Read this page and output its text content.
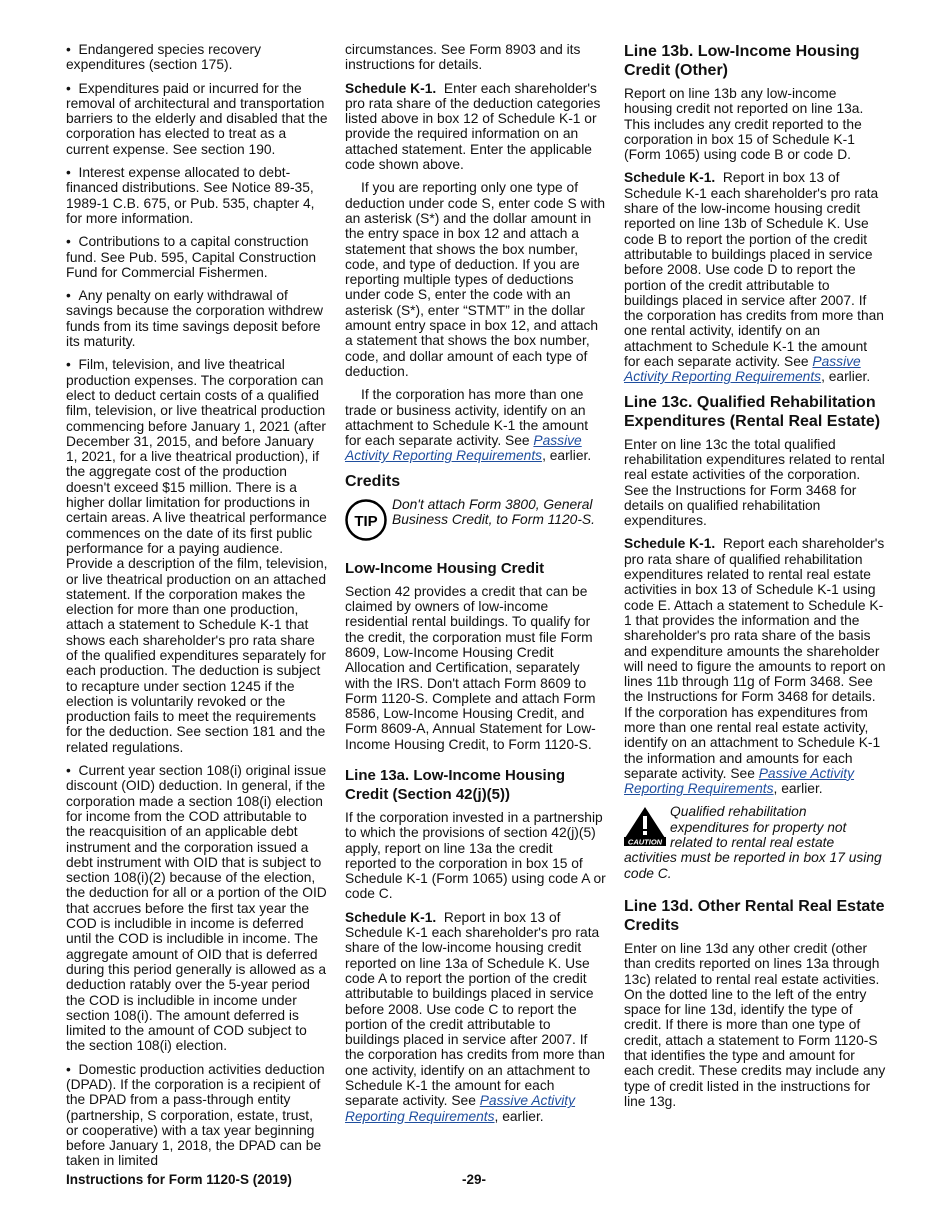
•  Endangered species recovery expenditures (section 175).

•  Expenditures paid or incurred for the removal of architectural and transportation barriers to the elderly and disabled that the corporation has elected to treat as a current expense. See section 190.

•  Interest expense allocated to debt-financed distributions. See Notice 89-35, 1989-1 C.B. 675, or Pub. 535, chapter 4, for more information.

•  Contributions to a capital construction fund. See Pub. 595, Capital Construction Fund for Commercial Fishermen.

•  Any penalty on early withdrawal of savings because the corporation withdrew funds from its time savings deposit before its maturity.

•  Film, television, and live theatrical production expenses. The corporation can elect to deduct certain costs of a qualified film, television, or live theatrical production commencing before January 1, 2021 (after December 31, 2015, and before January 1, 2021, for a live theatrical production), if the aggregate cost of the production doesn't exceed $15 million. There is a higher dollar limitation for productions in certain areas. A live theatrical performance commences on the date of its first public performance for a paying audience. Provide a description of the film, television, or live theatrical production on an attached statement. If the corporation makes the election for more than one production, attach a statement to Schedule K-1 that shows each shareholder's pro rata share of the qualified expenditures separately for each production. The deduction is subject to recapture under section 1245 if the election is voluntarily revoked or the production fails to meet the requirements for the deduction. See section 181 and the related regulations.

•  Current year section 108(i) original issue discount (OID) deduction. In general, if the corporation made a section 108(i) election for income from the COD attributable to the reacquisition of an applicable debt instrument and the corporation issued a debt instrument with OID that is subject to section 108(i)(2) because of the election, the deduction for all or a portion of the OID that accrues before the first tax year the COD is includible in income is deferred until the COD is includible in income. The aggregate amount of OID that is deferred during this period generally is allowed as a deduction ratably over the 5-year period the COD is includible in income under section 108(i). The amount deferred is limited to the amount of COD subject to the section 108(i) election.

•  Domestic production activities deduction (DPAD). If the corporation is a recipient of the DPAD from a pass-through entity (partnership, S corporation, estate, trust, or cooperative) with a tax year beginning before January 1, 2018, the DPAD can be taken in limited

circumstances. See Form 8903 and its instructions for details.

Schedule K-1. Enter each shareholder's pro rata share of the deduction categories listed above in box 12 of Schedule K-1 or provide the required information on an attached statement. Enter the applicable code shown above.

If you are reporting only one type of deduction under code S, enter code S with an asterisk (S*) and the dollar amount in the entry space in box 12 and attach a statement that shows the box number, code, and type of deduction. If you are reporting multiple types of deductions under code S, enter the code with an asterisk (S*), enter “STMT” in the dollar amount entry space in box 12, and attach a statement that shows the box number, code, and dollar amount of each type of deduction.

If the corporation has more than one trade or business activity, identify on an attachment to Schedule K-1 the amount for each separate activity. See Passive Activity Reporting Requirements, earlier.

Credits
TIP
Don't attach Form 3800, General Business Credit, to Form 1120-S.
Low-Income Housing Credit

Section 42 provides a credit that can be claimed by owners of low-income residential rental buildings. To qualify for the credit, the corporation must file Form 8609, Low-Income Housing Credit Allocation and Certification, separately with the IRS. Don't attach Form 8609 to Form 1120-S. Complete and attach Form 8586, Low-Income Housing Credit, and Form 8609-A, Annual Statement for Low-Income Housing Credit, to Form 1120-S.

Line 13a. Low-Income Housing Credit (Section 42(j)(5))

If the corporation invested in a partnership to which the provisions of section 42(j)(5) apply, report on line 13a the credit reported to the corporation in box 15 of Schedule K-1 (Form 1065) using code A or code C.

Schedule K-1. Report in box 13 of Schedule K-1 each shareholder's pro rata share of the low-income housing credit reported on line 13a of Schedule K. Use code A to report the portion of the credit attributable to buildings placed in service before 2008. Use code C to report the portion of the credit attributable to buildings placed in service after 2007. If the corporation has credits from more than one activity, identify on an attachment to Schedule K-1 the amount for each separate activity. See Passive Activity Reporting Requirements, earlier.

Line 13b. Low-Income Housing Credit (Other)

Report on line 13b any low-income housing credit not reported on line 13a. This includes any credit reported to the corporation in box 15 of Schedule K-1 (Form 1065) using code B or code D.

Schedule K-1. Report in box 13 of Schedule K-1 each shareholder's pro rata share of the low-income housing credit reported on line 13b of Schedule K. Use code B to report the portion of the credit attributable to buildings placed in service before 2008. Use code D to report the portion of the credit attributable to buildings placed in service after 2007. If the corporation has credits from more than one rental activity, identify on an attachment to Schedule K-1 the amount for each separate activity. See Passive Activity Reporting Requirements, earlier.

Line 13c. Qualified Rehabilitation Expenditures (Rental Real Estate)

Enter on line 13c the total qualified rehabilitation expenditures related to rental real estate activities of the corporation. See the Instructions for Form 3468 for details on qualified rehabilitation expenditures.

Schedule K-1. Report each shareholder's pro rata share of qualified rehabilitation expenditures related to rental real estate activities in box 13 of Schedule K-1 using code E. Attach a statement to Schedule K-1 that provides the information and the shareholder's pro rata share of the basis and expenditure amounts the shareholder will need to figure the amounts to report on lines 11b through 11g of Form 3468. See the Instructions for Form 3468 for details. If the corporation has expenditures from more than one rental real estate activity, identify on an attachment to Schedule K-1 the information and amounts for each separate activity. See Passive Activity Reporting Requirements, earlier.

CAUTION
Qualified rehabilitation expenditures for property not related to rental real estate activities must be reported in box 17 using code C.
Line 13d. Other Rental Real Estate Credits

Enter on line 13d any other credit (other than credits reported on lines 13a through 13c) related to rental real estate activities. On the dotted line to the left of the entry space for line 13d, identify the type of credit. If there is more than one type of credit, attach a statement to Form 1120-S that identifies the type and amount for each credit. These credits may include any type of credit listed in the instructions for line 13g.

Instructions for Form 1120-S (2019)	-29-
